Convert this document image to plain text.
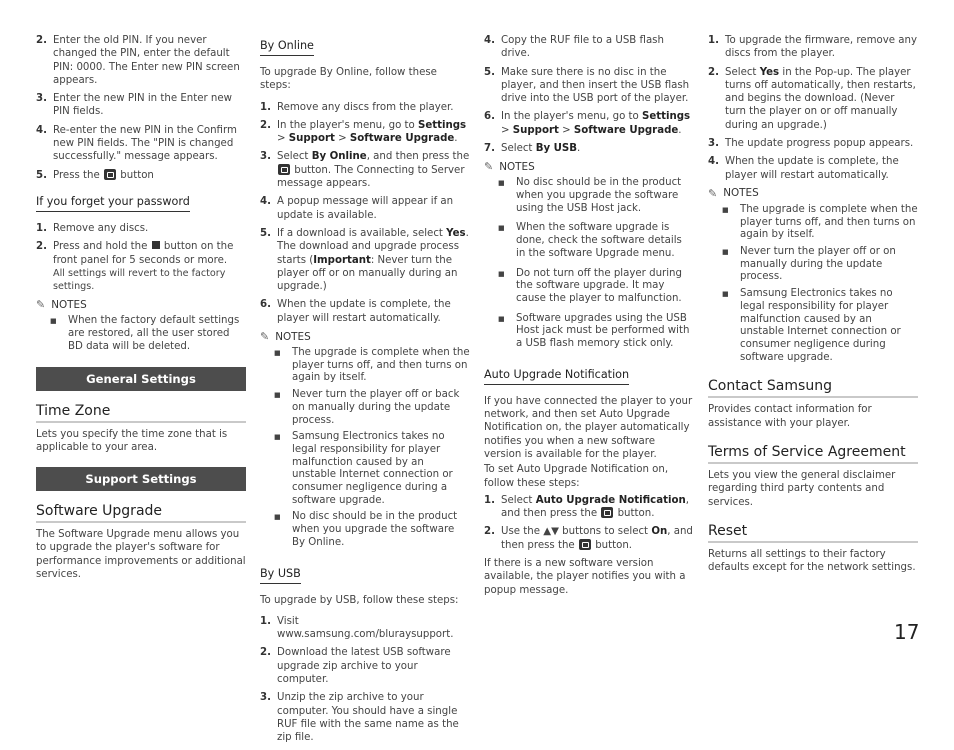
2. Enter the old PIN. If you never changed the PIN, enter the default PIN: 0000. The Enter new PIN screen appears.
3. Enter the new PIN in the Enter new PIN fields.
4. Re-enter the new PIN in the Confirm new PIN fields. The "PIN is changed successfully." message appears.
5. Press the button
If you forget your password
1. Remove any discs.
2. Press and hold the button on the front panel for 5 seconds or more.
All settings will revert to the factory settings.
✎ NOTES
■	When the factory default settings are restored, all the user stored BD data will be deleted.
General Settings
Time Zone
Lets you specify the time zone that is applicable to your area.
Support Settings
Software Upgrade
The Software Upgrade menu allows you to upgrade the player's software for performance improvements or additional services.
By Online
To upgrade By Online, follow these steps:
1. Remove any discs from the player.
2. In the player's menu, go to Settings > Support > Software Upgrade.
3. Select By Online, and then press the
button. The Connecting to Server message appears.
4. A popup message will appear if an update is available.
5. If a download is available, select Yes. The download and upgrade process starts (Important: Never turn the player off or on manually during an upgrade.)
6. When the update is complete, the player will restart automatically.
✎ NOTES
■	The upgrade is complete when the player turns off, and then turns on again by itself.
■	Never turn the player off or back on manually during the update process.
■	Samsung Electronics takes no legal responsibility for player malfunction caused by an unstable Internet connection or consumer negligence during a software upgrade.
■	No disc should be in the product when you upgrade the software By Online.
By USB
To upgrade by USB, follow these steps:
1. Visit www.samsung.com/bluraysupport.
2. Download the latest USB software upgrade zip archive to your computer.
3. Unzip the zip archive to your computer. You should have a single RUF file with the same name as the zip file.
4. Copy the RUF file to a USB flash drive.
5. Make sure there is no disc in the player, and then insert the USB flash drive into the USB port of the player.
6. In the player's menu, go to Settings > Support > Software Upgrade.
7. Select By USB.
✎ NOTES
■	No disc should be in the product when you upgrade the software using the USB Host jack.
■	When the software upgrade is done, check the software details in the software Upgrade menu.
■	Do not turn off the player during the software upgrade. It may cause the player to malfunction.
■	Software upgrades using the USB Host jack must be performed with a USB flash memory stick only.
Auto Upgrade Notification
If you have connected the player to your network, and then set Auto Upgrade Notification on, the player automatically notifies you when a new software version is available for the player.
To set Auto Upgrade Notification on, follow these steps:
1. Select Auto Upgrade Notification, and then press the button.
2. Use the ▲▼ buttons to select On, and then press the button.
If there is a new software version available, the player notifies you with a popup message.
1. To upgrade the firmware, remove any discs from the player.
2. Select Yes in the Pop-up. The player turns off automatically, then restarts, and begins the download. (Never turn the player on or off manually during an upgrade.)
3. The update progress popup appears.
4. When the update is complete, the player will restart automatically.
✎ NOTES
■	The upgrade is complete when the player turns off, and then turns on again by itself.
■	Never turn the player off or on manually during the update process.
■	Samsung Electronics takes no legal responsibility for player malfunction caused by an unstable Internet connection or consumer negligence during software upgrade.
Contact Samsung
Provides contact information for assistance with your player.
Terms of Service Agreement
Lets you view the general disclaimer regarding third party contents and services.
Reset
Returns all settings to their factory defaults except for the network settings.
17
